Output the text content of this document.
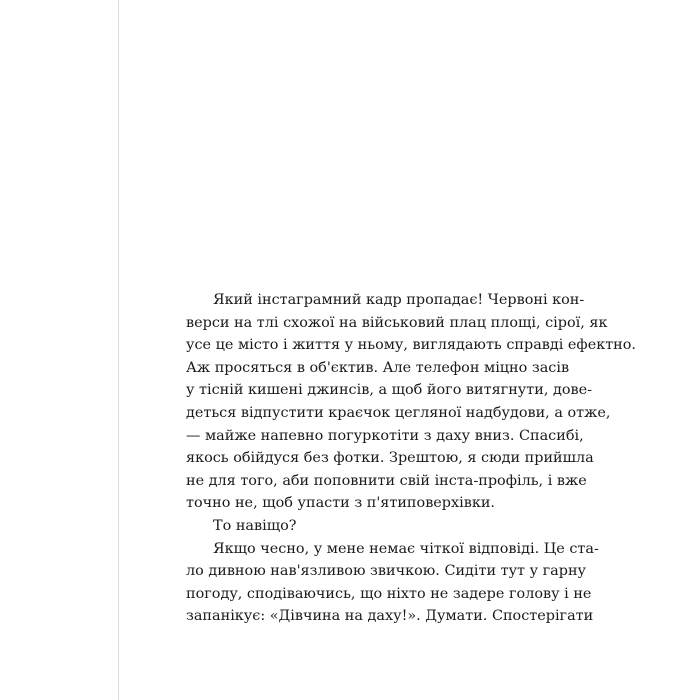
Який інстаграмний кадр пропадає! Червоні кон-
верси на тлі схожої на військовий плац площі, сірої, як
усе це місто і життя у ньому, виглядають справді ефектно.
Аж просяться в об'єктив. Але телефон міцно засів
у тісній кишені джинсів, а щоб його витягнути, дове-
деться відпустити краєчок цегляної надбудови, а отже,
— майже напевно погуркотіти з даху вниз. Спасибі,
якось обійдуся без фотки. Зрештою, я сюди прийшла
не для того, аби поповнити свій інста-профіль, і вже
точно не, щоб упасти з п'ятиповерхівки.
То навіщо?
Якщо чесно, у мене немає чіткої відповіді. Це ста-
ло дивною нав'язливою звичкою. Сидіти тут у гарну
погоду, сподіваючись, що ніхто не задере голову і не
запанікує: «Дівчина на даху!». Думати. Спостерігати
